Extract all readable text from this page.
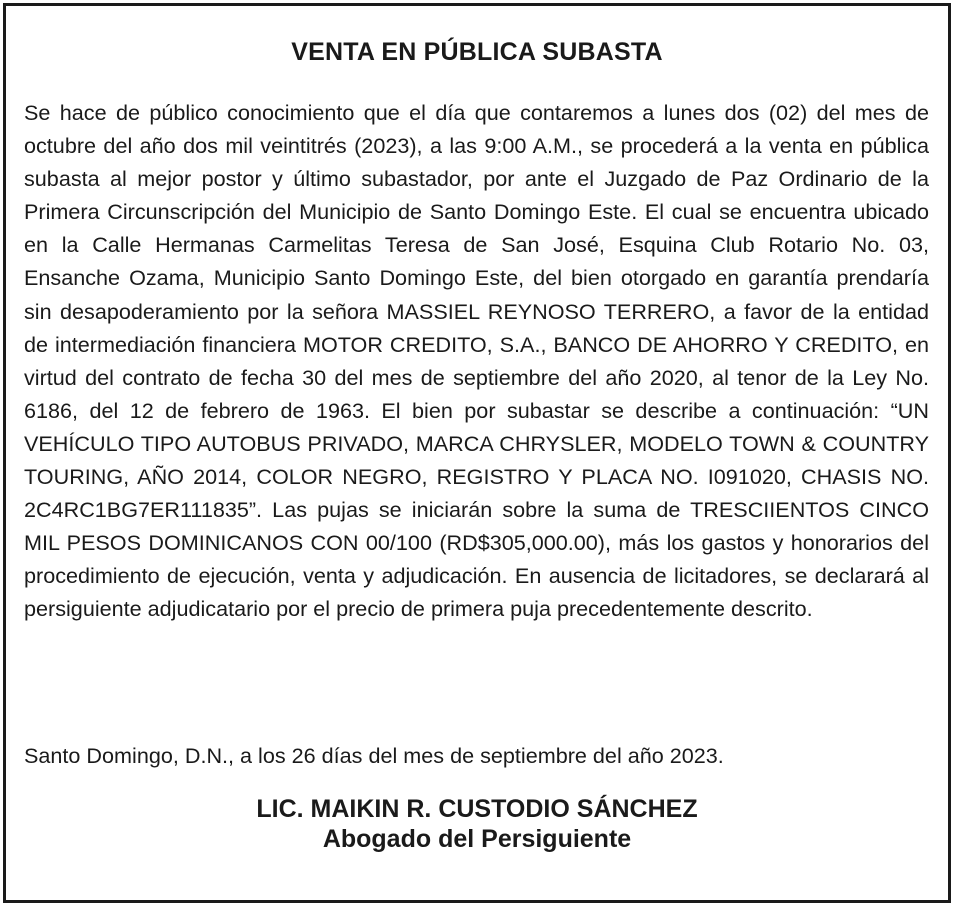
VENTA EN PÚBLICA SUBASTA
Se hace de público conocimiento que el día que contaremos a lunes dos (02) del mes de octubre del año dos mil veintitrés (2023), a las 9:00 A.M., se procederá a la venta en pública subasta al mejor postor y último subastador, por ante el Juzgado de Paz Ordinario de la Primera Circunscripción del Municipio de Santo Domingo Este. El cual se encuentra ubicado en la Calle Hermanas Carmelitas Teresa de San José, Esquina Club Rotario No. 03, Ensanche Ozama, Municipio Santo Domingo Este, del bien otorgado en garantía prendaría sin desapoderamiento por la señora MASSIEL REYNOSO TERRERO, a favor de la entidad de intermediación financiera MOTOR CREDITO, S.A., BANCO DE AHORRO Y CREDITO, en virtud del contrato de fecha 30 del mes de septiembre del año 2020, al tenor de la Ley No. 6186, del 12 de febrero de 1963. El bien por subastar se describe a continuación: “UN VEHÍCULO TIPO AUTOBUS PRIVADO, MARCA CHRYSLER, MODELO TOWN & COUNTRY TOURING, AÑO 2014, COLOR NEGRO, REGISTRO Y PLACA NO. I091020, CHASIS NO. 2C4RC1BG7ER111835”. Las pujas se iniciarán sobre la suma de TRESCIIENTOS CINCO MIL PESOS DOMINICANOS CON 00/100 (RD$305,000.00), más los gastos y honorarios del procedimiento de ejecución, venta y adjudicación. En ausencia de licitadores, se declarará al persiguiente adjudicatario por el precio de primera puja precedentemente descrito.
Santo Domingo, D.N., a los 26 días del mes de septiembre del año 2023.
LIC. MAIKIN R. CUSTODIO SÁNCHEZ
Abogado del Persiguiente
